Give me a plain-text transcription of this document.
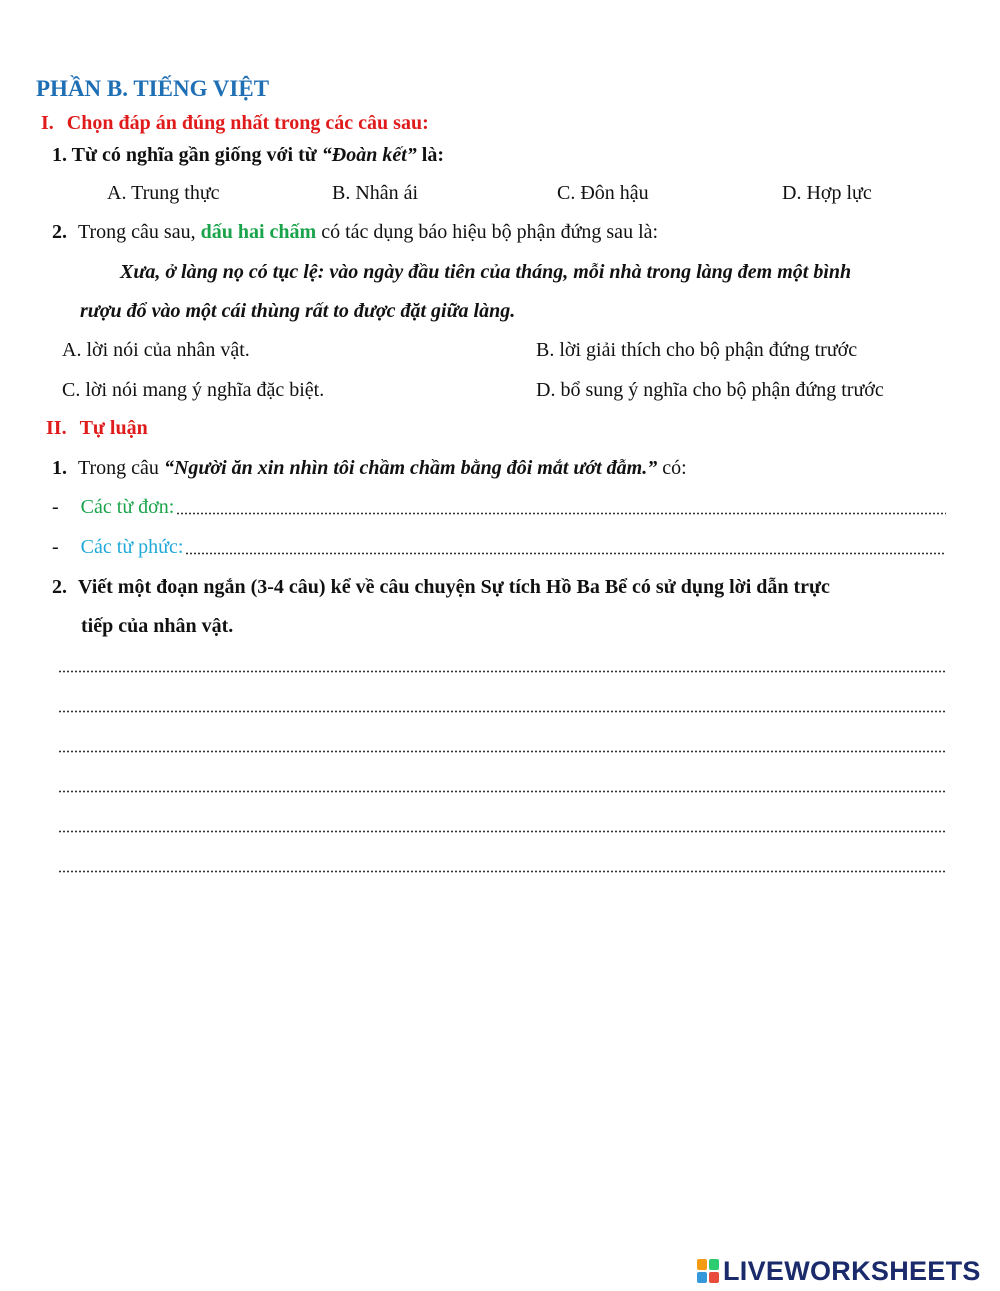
PHẦN B. TIẾNG VIỆT
I. Chọn đáp án đúng nhất trong các câu sau:
1. Từ có nghĩa gần giống với từ “Đoàn kết” là:
A. Trung thực	B. Nhân ái	C. Đôn hậu	D. Hợp lực
2. Trong câu sau, dấu hai chấm có tác dụng báo hiệu bộ phận đứng sau là:
Xưa, ở làng nọ có tục lệ: vào ngày đầu tiên của tháng, mỗi nhà trong làng đem một bình
rượu đổ vào một cái thùng rất to được đặt giữa làng.
A. lời nói của nhân vật.	B. lời giải thích cho bộ phận đứng trước
C. lời nói mang ý nghĩa đặc biệt.	D. bổ sung ý nghĩa cho bộ phận đứng trước
II. Tự luận
1. Trong câu “Người ăn xin nhìn tôi chầm chầm bằng đôi mắt ướt đẫm.” có:
- Các từ đơn:
- Các từ phức:
2. Viết một đoạn ngắn (3-4 câu) kể về câu chuyện Sự tích Hồ Ba Bể có sử dụng lời dẫn trực
tiếp của nhân vật.
LIVEWORKSHEETS
